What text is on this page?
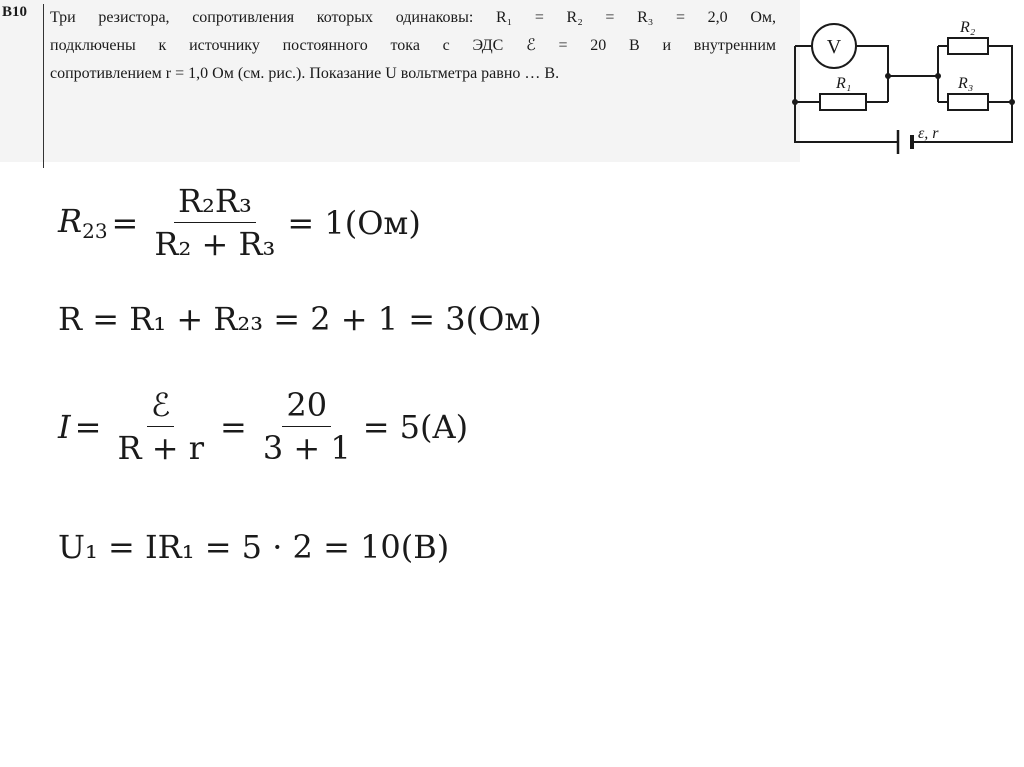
В10 Три резистора, сопротивления которых одинаковы: R₁ = R₂ = R₃ = 2,0 Ом,
подключены к источнику постоянного тока с ЭДС ℰ = 20 В и внутренним
сопротивлением r = 1,0 Ом (см. рис.). Показание U вольтметра равно … В.
V
R₁
R₂
R₃
ε, r
$R_{23} = \frac{\text{R₂R₃}}{\text{R₂ + R₃}} = 1(Ом)$
R = R₁ + R₂₃ = 2 + 1 = 3(Ом)
$I = \frac{\text{ℰ}}{R + r} = \frac{20}{3 + 1} = 5(A)$
U₁ = IR₁ = 5 · 2 = 10(В)
